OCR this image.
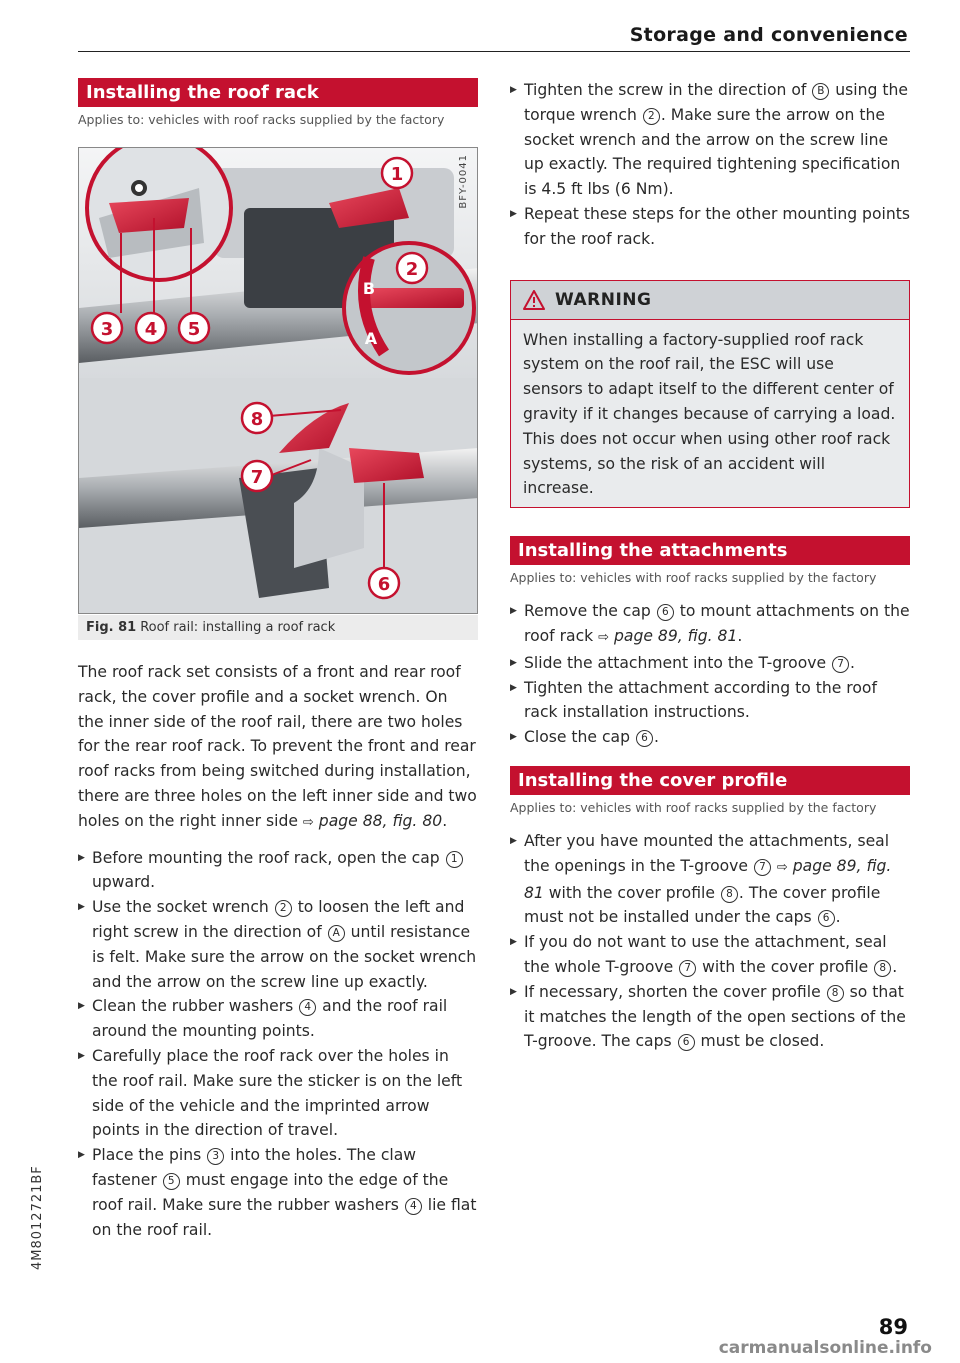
Storage and convenience
4M8012721BF
Installing the roof rack
Applies to: vehicles with roof racks supplied by the factory
1
2
B
A
3 4 5
8
7
6
BFY-0041
Fig. 81 Roof rail: installing a roof rack

The roof rack set consists of a front and rear roof rack, the cover profile and a socket wrench. On the inner side of the roof rail, there are two holes for the rear roof rack. To prevent the front and rear roof racks from being switched during installation, there are three holes on the left inner side and two holes on the right inner side ⇨ page 88, fig. 80.

▶ Before mounting the roof rack, open the cap 1 upward.
▶ Use the socket wrench 2 to loosen the left and right screw in the direction of A until resistance is felt. Make sure the arrow on the socket wrench and the arrow on the screw line up exactly.
▶ Clean the rubber washers 4 and the roof rail around the mounting points.
▶ Carefully place the roof rack over the holes in the roof rail. Make sure the sticker is on the left side of the vehicle and the imprinted arrow points in the direction of travel.
▶ Place the pins 3 into the holes. The claw fastener 5 must engage into the edge of the roof rail. Make sure the rubber washers 4 lie flat on the roof rail.
▶ Tighten the screw in the direction of B using the torque wrench 2 . Make sure the arrow on the socket wrench and the arrow on the screw line up exactly. The required tightening specification is 4.5 ft lbs (6 Nm).
▶ Repeat these steps for the other mounting points for the roof rack.
WARNING

When installing a factory-supplied roof rack system on the roof rail, the ESC will use sensors to adapt itself to the different center of gravity if it changes because of carrying a load. This does not occur when using other roof rack systems, so the risk of an accident will increase.

Installing the attachments
Applies to: vehicles with roof racks supplied by the factory
▶ Remove the cap 6 to mount attachments on the roof rack ⇨ page 89, fig. 81.
▶ Slide the attachment into the T-groove 7 .
▶ Tighten the attachment according to the roof rack installation instructions.
▶ Close the cap 6 .
Installing the cover profile
Applies to: vehicles with roof racks supplied by the factory
▶ After you have mounted the attachments, seal the openings in the T-groove 7 ⇨ page 89, fig. 81 with the cover profile 8 . The cover profile must not be installed under the caps 6 .
▶ If you do not want to use the attachment, seal the whole T-groove 7 with the cover profile 8 .
▶ If necessary, shorten the cover profile 8 so that it matches the length of the open sections of the T-groove. The caps 6 must be closed.
89
carmanualsonline.info
